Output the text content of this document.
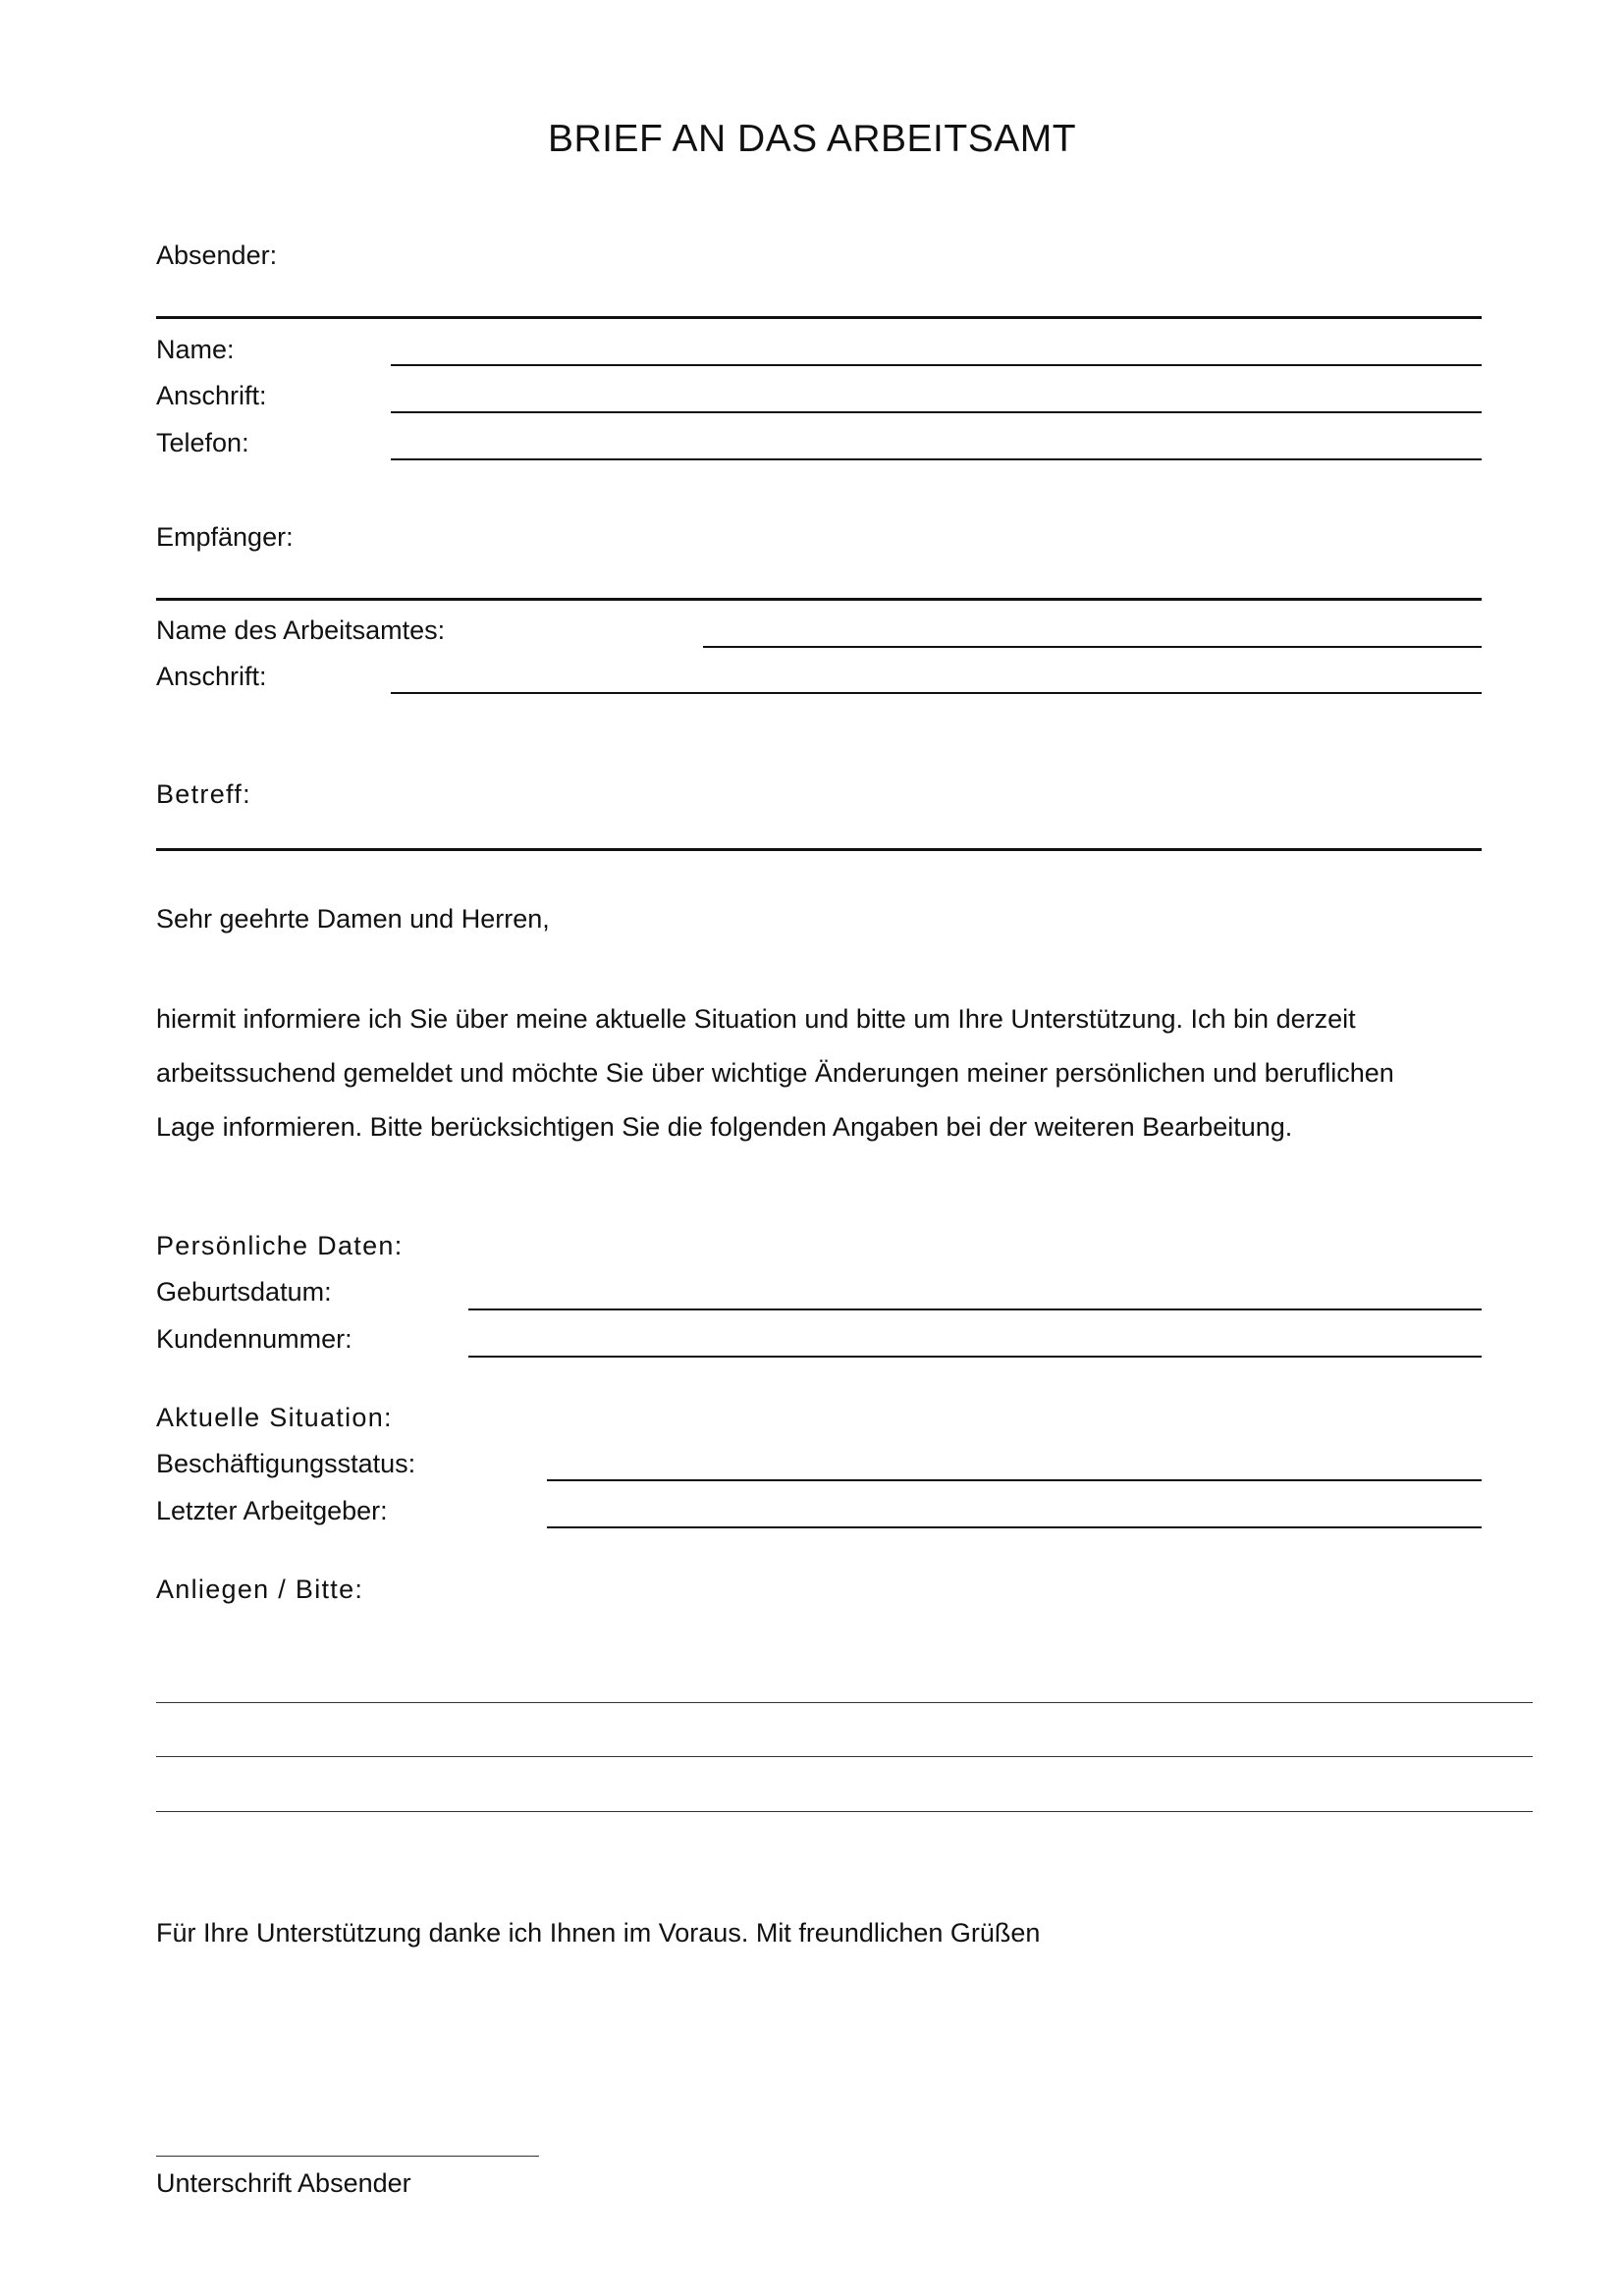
BRIEF AN DAS ARBEITSAMT
Absender:
Name:
Anschrift:
Telefon:
Empfänger:
Name des Arbeitsamtes:
Anschrift:
Betreff:
Sehr geehrte Damen und Herren,
hiermit informiere ich Sie über meine aktuelle Situation und bitte um Ihre Unterstützung. Ich bin derzeit
arbeitssuchend gemeldet und möchte Sie über wichtige Änderungen meiner persönlichen und beruflichen
Lage informieren. Bitte berücksichtigen Sie die folgenden Angaben bei der weiteren Bearbeitung.
Persönliche Daten:
Geburtsdatum:
Kundennummer:
Aktuelle Situation:
Beschäftigungsstatus:
Letzter Arbeitgeber:
Anliegen / Bitte:
Für Ihre Unterstützung danke ich Ihnen im Voraus. Mit freundlichen Grüßen
Unterschrift Absender
